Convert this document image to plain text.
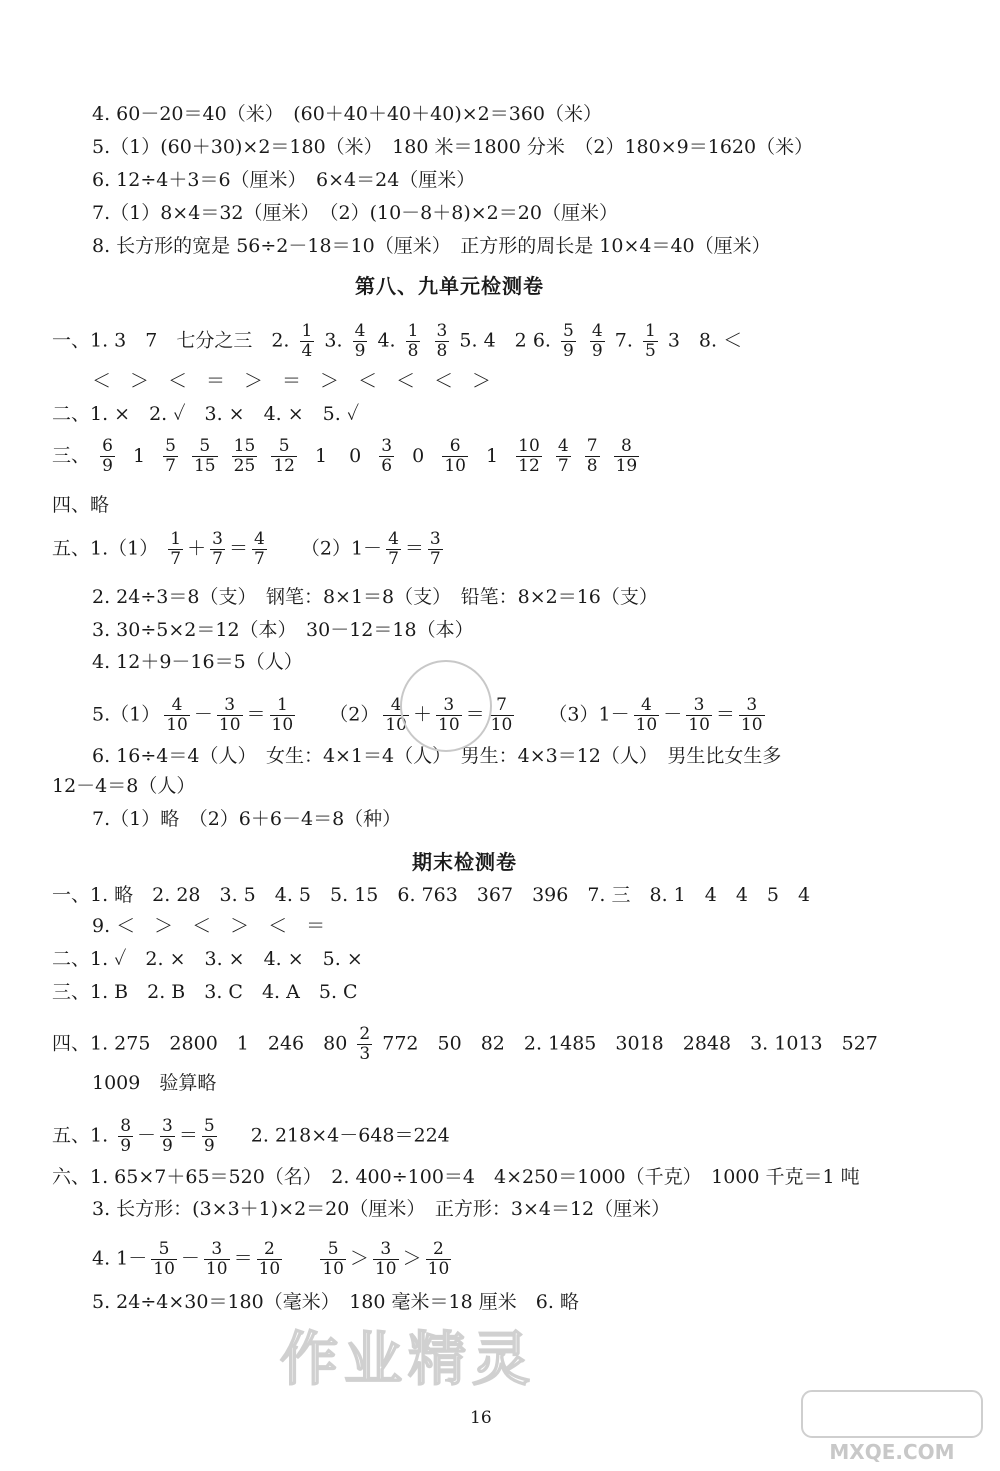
4. 60－20＝40（米）　(60＋40＋40＋40)×2＝360（米）
5.（1）(60＋30)×2＝180（米）　180 米＝1800 分米　（2）180×9＝1620（米）
6. 12÷4＋3＝6（厘米）　6×4＝24（厘米）
7.（1）8×4＝32（厘米）　（2）(10－8＋8)×2＝20（厘米）
8. 长方形的宽是 56÷2－18＝10（厘米）　正方形的周长是 10×4＝40（厘米）
第八、九单元检测卷
一、1. 3　7　七分之三　2. $\frac{1}{4} 3$. $\frac{4}{9} 4$. $\frac{1}{8}$
$\frac{3}{8} 5$. 4　2 6. $\frac{5}{9}$
$\frac{4}{9} 7$. $\frac{1}{5} 3$　8. ＜
＜　＞　＜　＝　＞　＝　＞　＜　＜　＜　＞
二、1. ×　2. ✓　3. ×　4. ×　5. ✓
三、 $\frac{6}{9} 1 \frac{5}{7}$
$\frac{5}{15}$
$\frac{15}{25}$
$\frac{5}{12} 1$ $0 \frac{3}{6} 0 \frac{6}{10} 1 \frac{10}{12}$
$\frac{4}{7}$
$\frac{7}{8}$
$\frac{8}{19}$
四、略
五、$1.(1) \frac{1}{7} + \frac{3}{7} = \frac{4}{7} (2)1- \frac{4}{7} = \frac{3}{7}$
2. 24÷3＝8（支）　钢笔：8×1＝8（支）　铅笔：8×2＝16（支）
3. 30÷5×2＝12（本）　30－12＝18（本）
4. 12＋9－16＝5（人）
$5.(1) \frac{4}{10} - \frac{3}{10} = \frac{1}{10} (2) \frac{4}{10} + \frac{3}{10} = \frac{7}{10} (3)1- \frac{4}{10} - \frac{3}{10} = \frac{3}{10}$
6. 16÷4＝4（人）　女生：4×1＝4（人）　男生：4×3＝12（人）　男生比女生多
12－4＝8（人）
7.（1）略　（2）6＋6－4＝8（种）
期末检测卷
一、1. 略　2. 28　3. 5　4. 5　5. 15　6. 763　367　396　7. 三　8. 1　4　4　5　4
9. ＜　＞　＜　＞　＜　＝
二、1. ✓　2. ×　3. ×　4. ×　5. ×
三、1. B　2. B　3. C　4. A　5. C
四、1. 275　2800　1　246　$80 \frac{2}{3} 772$　50　82　2. 1485　3018　2848　3. 1013　527
1009　验算略
五、1. $\frac{8}{9} - \frac{3}{9} = \frac{5}{9} 2$. 218×4－648＝224
六、1. 65×7＋65＝520（名）　2. 400÷100＝4　4×250＝1000（千克）　1000 千克＝1 吨
3. 长方形：(3×3＋1)×2＝20（厘米）　正方形：3×4＝12（厘米）
4. $1- \frac{5}{10} - \frac{3}{10} = \frac{2}{10}$
$\frac{5}{10} > \frac{3}{10} > \frac{2}{10}$
5. 24÷4×30＝180（毫米）　180 毫米＝18 厘米　6. 略
作业精灵
16
MXQE.COM
